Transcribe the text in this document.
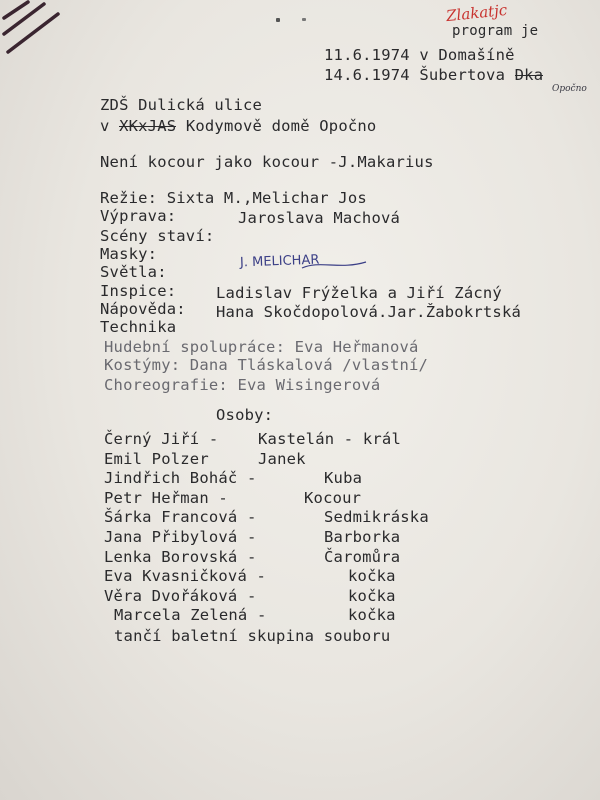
Zlakatjc
program je
11.6.1974 v Domašíně
14.6.1974 Šubertova Dka
Opočno
ZDŠ Dulická ulice
v XKxJAS Kodymově domě Opočno
Není kocour jako kocour -J.Makarius
Režie: Sixta M.,Melichar Jos
Výprava:	Jaroslava Machová
Scény staví:
Masky:
Světla:
J. MELICHAR
Inspice:	Ladislav Frýželka a Jiří Zácný
Nápověda: Hana Skočdopolová.Jar.Žabokrtská
Technika
Hudební spolupráce: Eva Heřmanová
Kostýmy: Dana Tláskalová /vlastní/
Choreografie: Eva Wisingerová
Osoby:
Černý Jiří -	Kastelán - král
Emil Polzer	Janek
Jindřich Boháč -	Kuba
Petr Heřman -	Kocour
Šárka Francová -	Sedmikráska
Jana Přibylová -	Barborka
Lenka Borovská -	Čaromůra
Eva Kvasničková -	kočka
Věra Dvořáková -	kočka
Marcela Zelená -	kočka
tančí baletní skupina souboru
